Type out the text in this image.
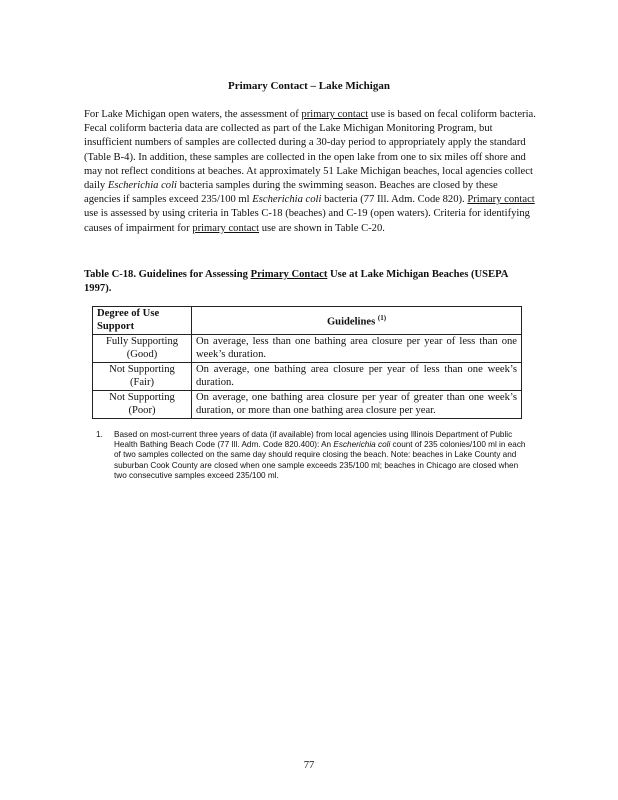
Primary Contact – Lake Michigan
For Lake Michigan open waters, the assessment of primary contact use is based on fecal coliform bacteria. Fecal coliform bacteria data are collected as part of the Lake Michigan Monitoring Program, but insufficient numbers of samples are collected during a 30-day period to appropriately apply the standard (Table B-4). In addition, these samples are collected in the open lake from one to six miles off shore and may not reflect conditions at beaches. At approximately 51 Lake Michigan beaches, local agencies collect daily Escherichia coli bacteria samples during the swimming season. Beaches are closed by these agencies if samples exceed 235/100 ml Escherichia coli bacteria (77 Ill. Adm. Code 820). Primary contact use is assessed by using criteria in Tables C-18 (beaches) and C-19 (open waters). Criteria for identifying causes of impairment for primary contact use are shown in Table C-20.
Table C-18. Guidelines for Assessing Primary Contact Use at Lake Michigan Beaches (USEPA 1997).
Degree of Use Support	Guidelines $^{(1)}$
Fully Supporting (Good)	On average, less than one bathing area closure per year of less than one week’s duration.
Not Supporting (Fair)	On average, one bathing area closure per year of less than one week’s duration.
Not Supporting (Poor)	On average, one bathing area closure per year of greater than one week’s duration, or more than one bathing area closure per year.
1. Based on most-current three years of data (if available) from local agencies using Illinois Department of Public Health Bathing Beach Code (77 Ill. Adm. Code 820.400): An Escherichia coli count of 235 colonies/100 ml in each of two samples collected on the same day should require closing the beach. Note: beaches in Lake County and suburban Cook County are closed when one sample exceeds 235/100 ml; beaches in Chicago are closed when two consecutive samples exceed 235/100 ml.
77
